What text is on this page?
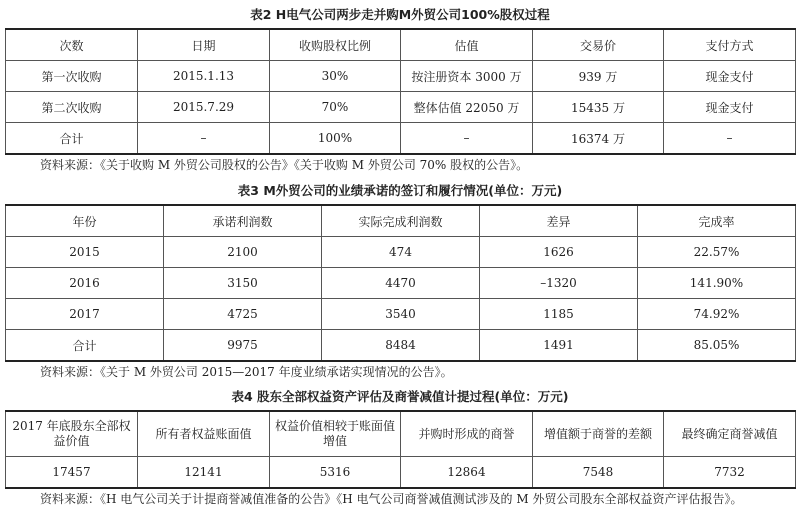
表2 H电气公司两步走并购M外贸公司100%股权过程
次数	日期	收购股权比例	估值	交易价	支付方式
第一次收购	2015.1.13	30%	按注册资本 3000 万	939 万	现金支付
第二次收购	2015.7.29	70%	整体估值 22050 万	15435 万	现金支付
合计	–	100%	–	16374 万	–
资料来源：《关于收购 M 外贸公司股权的公告》《关于收购 M 外贸公司 70% 股权的公告》。
表3 M外贸公司的业绩承诺的签订和履行情况(单位：万元)
年份	承诺利润数	实际完成利润数	差异	完成率
2015	2100	474	1626	22.57%
2016	3150	4470	–1320	141.90%
2017	4725	3540	1185	74.92%
合计	9975	8484	1491	85.05%
资料来源：《关于 M 外贸公司 2015—2017 年度业绩承诺实现情况的公告》。
表4 股东全部权益资产评估及商誉减值计提过程(单位：万元)
2017 年底股东全部权益价值	所有者权益账面值	权益价值相较于账面值增值	并购时形成的商誉	增值额于商誉的差额	最终确定商誉减值
17457	12141	5316	12864	7548	7732
资料来源：《H 电气公司关于计提商誉减值准备的公告》《H 电气公司商誉减值测试涉及的 M 外贸公司股东全部权益资产评估报告》。
